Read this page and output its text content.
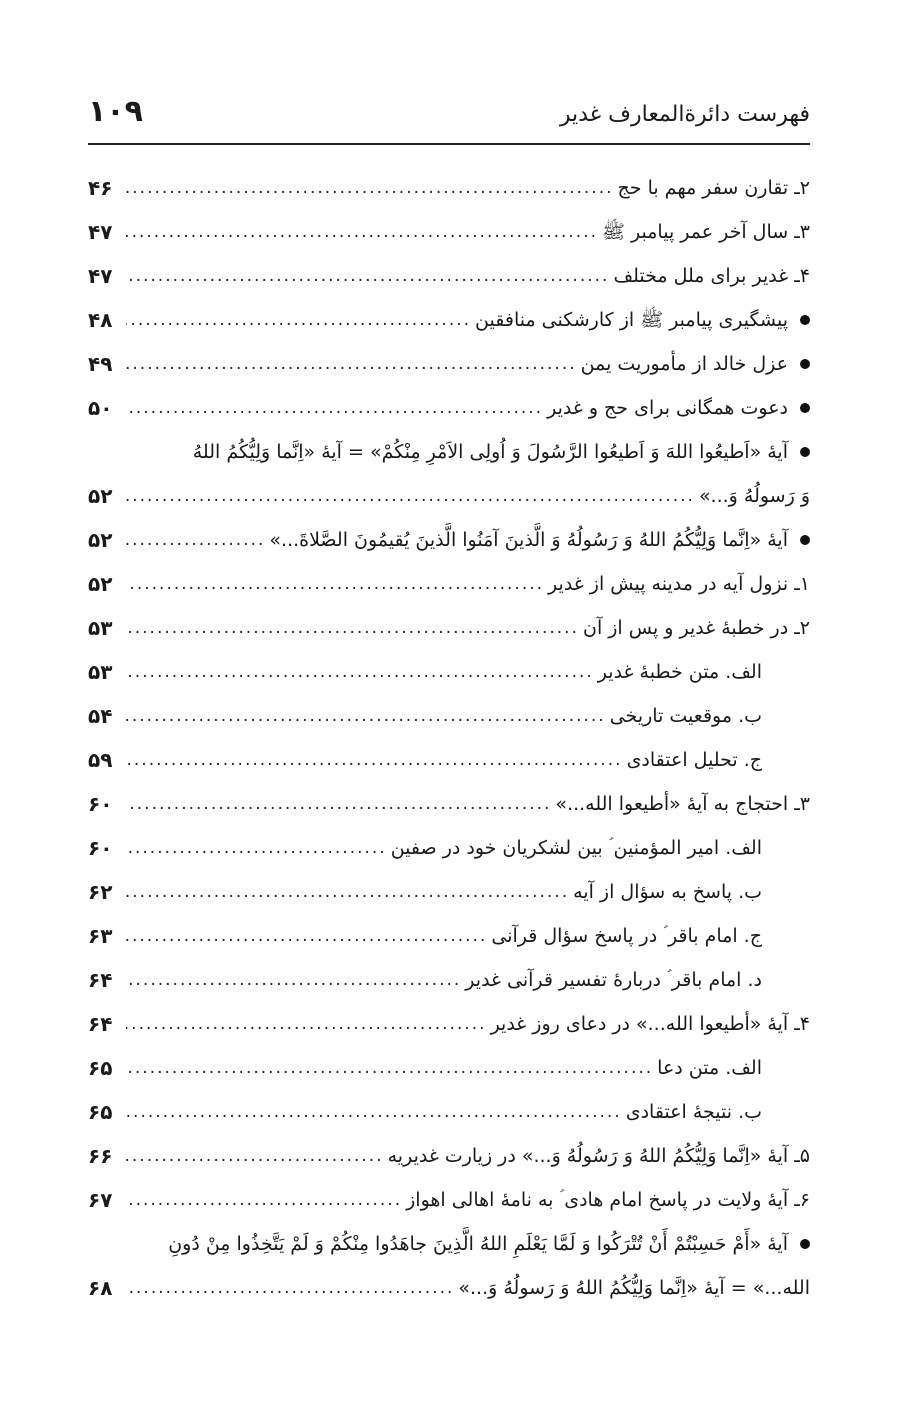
فهرست دائرةالمعارف غدیر
۱۰۹
۲ـ تقارن سفر مهم با حج
.....
۴۶
۳ـ سال آخر عمر پیامبر ﷺ
.....
۴۷
۴ـ غدیر برای ملل مختلف
.....
۴۷
پیشگیری پیامبر ﷺ از کارشکنی منافقین
.....
۴۸
عزل خالد از مأموریت یمن
.....
۴۹
دعوت همگانی برای حج و غدیر
.....
۵۰
آیۀ «اَطیعُوا اللهَ وَ اَطیعُوا الرَّسُولَ وَ اُولِی الاَمْرِ مِنْكُمْ» = آیۀ «اِنَّما وَلِیُّكُمُ اللهُ
وَ رَسولُهُ وَ...»
.....
۵۲
آیۀ «اِنَّما وَلِیُّكُمُ اللهُ وَ رَسُولُهُ وَ الَّذینَ آمَنُوا الَّذینَ یُقیمُونَ الصَّلاةَ...»
.....
۵۲
۱ـ نزول آیه در مدینه پیش از غدیر
.....
۵۲
۲ـ در خطبۀ غدیر و پس از آن
.....
۵۳
الف. متن خطبۀ غدیر
.....
۵۳
ب. موقعیت تاریخی
.....
۵۴
ج. تحلیل اعتقادی
.....
۵۹
۳ـ احتجاج به آیۀ «أطیعوا الله...»
.....
۶۰
الف. امیر المؤمنین ؑ بین لشکریان خود در صفین
.....
۶۰
ب. پاسخ به سؤال از آیه
.....
۶۲
ج. امام باقر ؑ در پاسخ سؤال قرآنی
.....
۶۳
د. امام باقر ؑ دربارۀ تفسیر قرآنی غدیر
.....
۶۴
۴ـ آیۀ «أطیعوا الله...» در دعای روز غدیر
.....
۶۴
الف. متن دعا
.....
۶۵
ب. نتیجۀ اعتقادی
.....
۶۵
۵ـ آیۀ «اِنَّما وَلِیُّكُمُ اللهُ وَ رَسُولُهُ وَ...» در زیارت غدیریه
.....
۶۶
۶ـ آیۀ ولایت در پاسخ امام هادی ؑ به نامۀ اهالی اهواز
.....
۶۷
آیۀ «أَمْ حَسِبْتُمْ أَنْ تُتْرَكُوا وَ لَمَّا یَعْلَمِ اللهُ الَّذِینَ جاهَدُوا مِنْكُمْ وَ لَمْ یَتَّخِذُوا مِنْ دُونِ
الله...» = آیۀ «اِنَّما وَلِیُّكُمُ اللهُ وَ رَسولُهُ وَ...»
.....
۶۸
